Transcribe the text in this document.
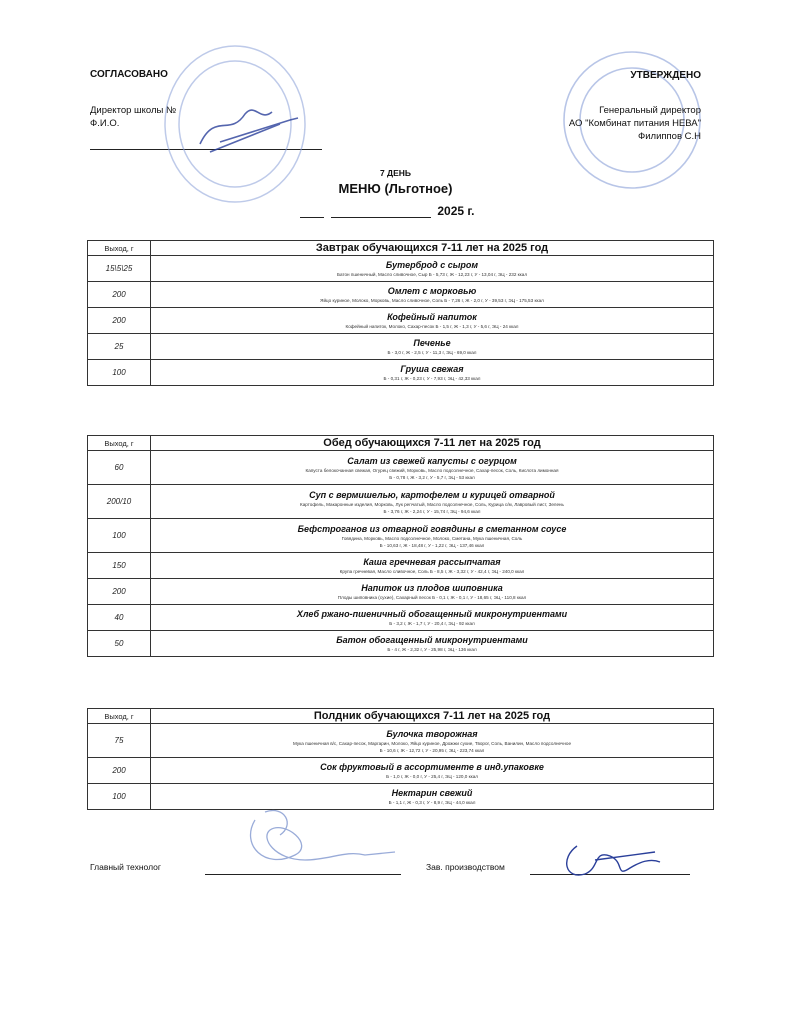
СОГЛАСОВАНО
Директор школы №
Ф.И.О.
УТВЕРЖДЕНО
Генеральный директор
АО "Комбинат питания НЕВА"
Филиппов С.Н
7 ДЕНЬ
МЕНЮ (Льготное)
2025 г.
Выход, г	Завтрак обучающихся 7-11 лет на 2025 год
15\5\25	Бутерброд с сыром
Батон пшеничный, Масло сливочное, Сыр Б - 5,73 г, Ж - 12,23 г, У - 13,04 г, ЭЦ - 232 ккал

200	Омлет с морковью
Яйцо куриное, Молоко, Морковь, Масло сливочное, Соль Б - 7,26 г, Ж - 2,0 г, У - 39,53 г, ЭЦ - 175,53 ккал

200	Кофейный напиток
Кофейный напиток, Молоко, Сахар-песок Б - 1,5 г, Ж - 1,3 г, У - 5,6 г, ЭЦ - 24 ккал

25	Печенье
Б - 3,0 г, Ж - 2,5 г, У - 11,3 г, ЭЦ - 69,0 ккал

100	Груша свежая
Б - 0,31 г, Ж - 0,23 г, У - 7,93 г, ЭЦ - 42,33 ккал
Выход, г	Обед обучающихся 7-11 лет на 2025 год
60	Салат из свежей капусты с огурцом
Капуста белокочанная свежая, Огурец свежий, Морковь, Масло подсолнечное, Сахар-песок, Соль, Кислота лимонная
Б - 0,78 г, Ж - 3,2 г, У - 5,7 г, ЭЦ - 53 ккал

200/10	Суп с вермишелью, картофелем и курицей отварной
Картофель, Макаронные изделия, Морковь, Лук репчатый, Масло подсолнечное, Соль, Курица с/м, Лавровый лист, Зелень
Б - 3,76 г, Ж - 2,24 г, У - 15,74 г, ЭЦ - 94,6 ккал

100	Бефстроганов из отварной говядины в сметанном соусе
Говядина, Морковь, Масло подсолнечное, Молоко, Сметана, Мука пшеничная, Соль
Б - 10,63 г, Ж - 18,48 г, У - 1,22 г, ЭЦ - 137,46 ккал

150	Каша гречневая рассыпчатая
Крупа гречневая, Масло сливочное, Соль Б - 8,5 г, Ж - 3,32 г, У - 42,4 г, ЭЦ - 240,0 ккал

200	Напиток из плодов шиповника
Плоды шиповника (сухие), Сахарный песок Б - 0,1 г, Ж - 0,1 г, У - 18,65 г, ЭЦ - 110,8 ккал

40	Хлеб ржано-пшеничный обогащенный микронутриентами
Б - 3,2 г, Ж - 1,7 г, У - 20,4 г, ЭЦ - 92 ккал

50	Батон обогащенный микронутриентами
Б - 4 г, Ж - 2,32 г, У - 25,98 г, ЭЦ - 136 ккал
Выход, г	Полдник обучающихся 7-11 лет на 2025 год
75	Булочка творожная
Мука пшеничная в/с, Сахар-песок, Маргарин, Молоко, Яйцо куриное, Дрожжи сухие, Творог, Соль, Ванилин, Масло подсолнечное
Б - 10,6 г, Ж - 12,72 г, У - 20,95 г, ЭЦ - 223,74 ккал

200	Сок фруктовый в ассортименте в инд.упаковке
Б - 1,0 г, Ж - 0,0 г, У - 25,4 г, ЭЦ - 120,0 ккал

100	Нектарин свежий
Б - 1,1 г, Ж - 0,3 г, У - 8,9 г, ЭЦ - 44,0 ккал
Главный технолог	Зав. производством
